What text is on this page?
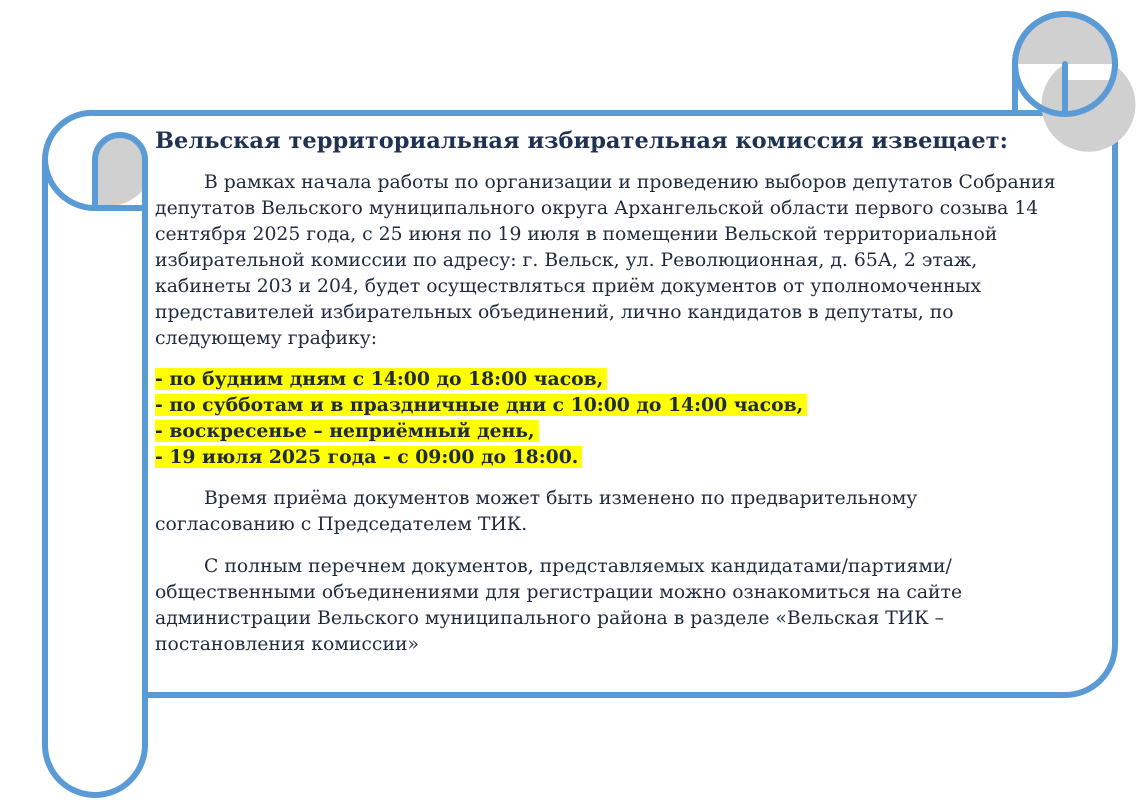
Вельская территориальная избирательная комиссия извещает:

В рамках начала работы по организации и проведению выборов депутатов Собрания депутатов Вельского муниципального округа Архангельской области первого созыва 14 сентября 2025 года, с 25 июня по 19 июля в помещении Вельской территориальной избирательной комиссии по адресу: г. Вельск, ул. Революционная, д. 65А, 2 этаж, кабинеты 203 и 204, будет осуществляться приём документов от уполномоченных представителей избирательных объединений, лично кандидатов в депутаты, по следующему графику:

- по будним дням с 14:00 до 18:00 часов,
- по субботам и в праздничные дни с 10:00 до 14:00 часов,
- воскресенье – неприёмный день,
- 19 июля 2025 года - с 09:00 до 18:00.

Время приёма документов может быть изменено по предварительному согласованию с Председателем ТИК.

С полным перечнем документов, представляемых кандидатами/партиями/общественными объединениями для регистрации можно ознакомиться на сайте администрации Вельского муниципального района в разделе «Вельская ТИК – постановления комиссии»
